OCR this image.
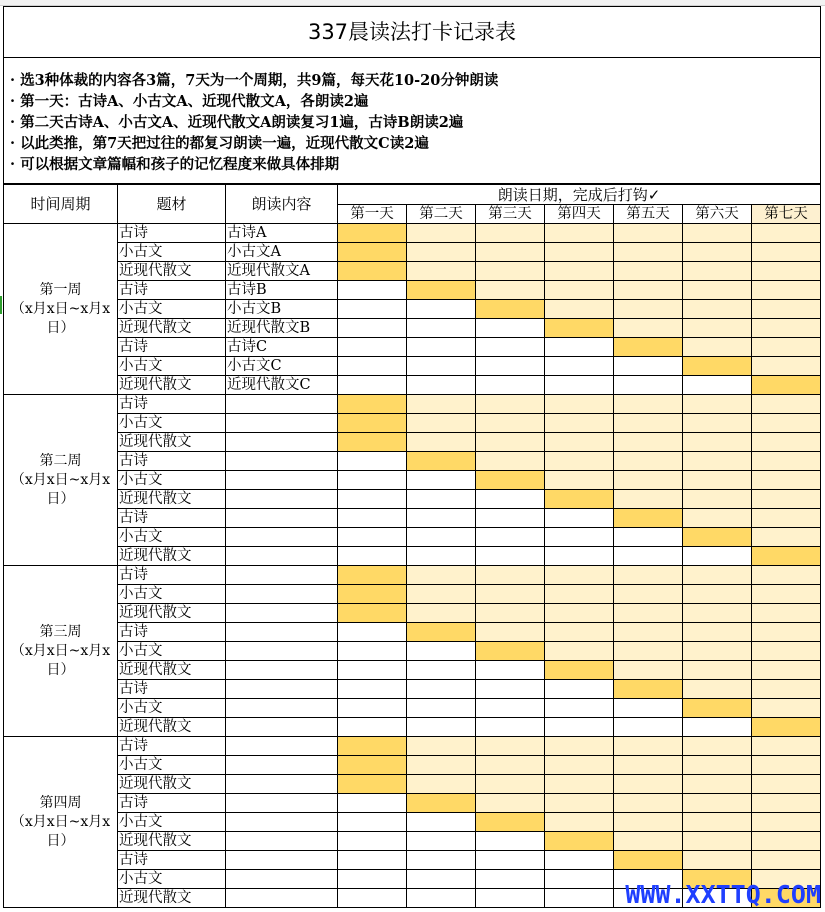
337晨读法打卡记录表
· 选3种体裁的内容各3篇，7天为一个周期，共9篇，每天花10-20分钟朗读
· 第一天：古诗A、小古文A、近现代散文A，各朗读2遍
· 第二天古诗A、小古文A、近现代散文A朗读复习1遍，古诗B朗读2遍
· 以此类推，第7天把过往的都复习朗读一遍，近现代散文C读2遍
· 可以根据文章篇幅和孩子的记忆程度来做具体排期
时间周期	题材	朗读内容	朗读日期，完成后打钩✓						
			第一天	第二天	第三天	第四天	第五天	第六天	第七天
第一周
（x月x日~x月x日）	古诗	古诗A							
	小古文	小古文A							
	近现代散文	近现代散文A							
	古诗	古诗B							
	小古文	小古文B							
	近现代散文	近现代散文B							
	古诗	古诗C							
	小古文	小古文C							
	近现代散文	近现代散文C							
第二周
（x月x日~x月x日）	古诗								
	小古文								
	近现代散文								
	古诗								
	小古文								
	近现代散文								
	古诗								
	小古文								
	近现代散文								
第三周
（x月x日~x月x日）	古诗								
	小古文								
	近现代散文								
	古诗								
	小古文								
	近现代散文								
	古诗								
	小古文								
	近现代散文								
第四周
（x月x日~x月x日）	古诗								
	小古文								
	近现代散文								
	古诗								
	小古文								
	近现代散文								
	古诗								
	小古文								
	近现代散文									WWW.XXTTQ.COM
